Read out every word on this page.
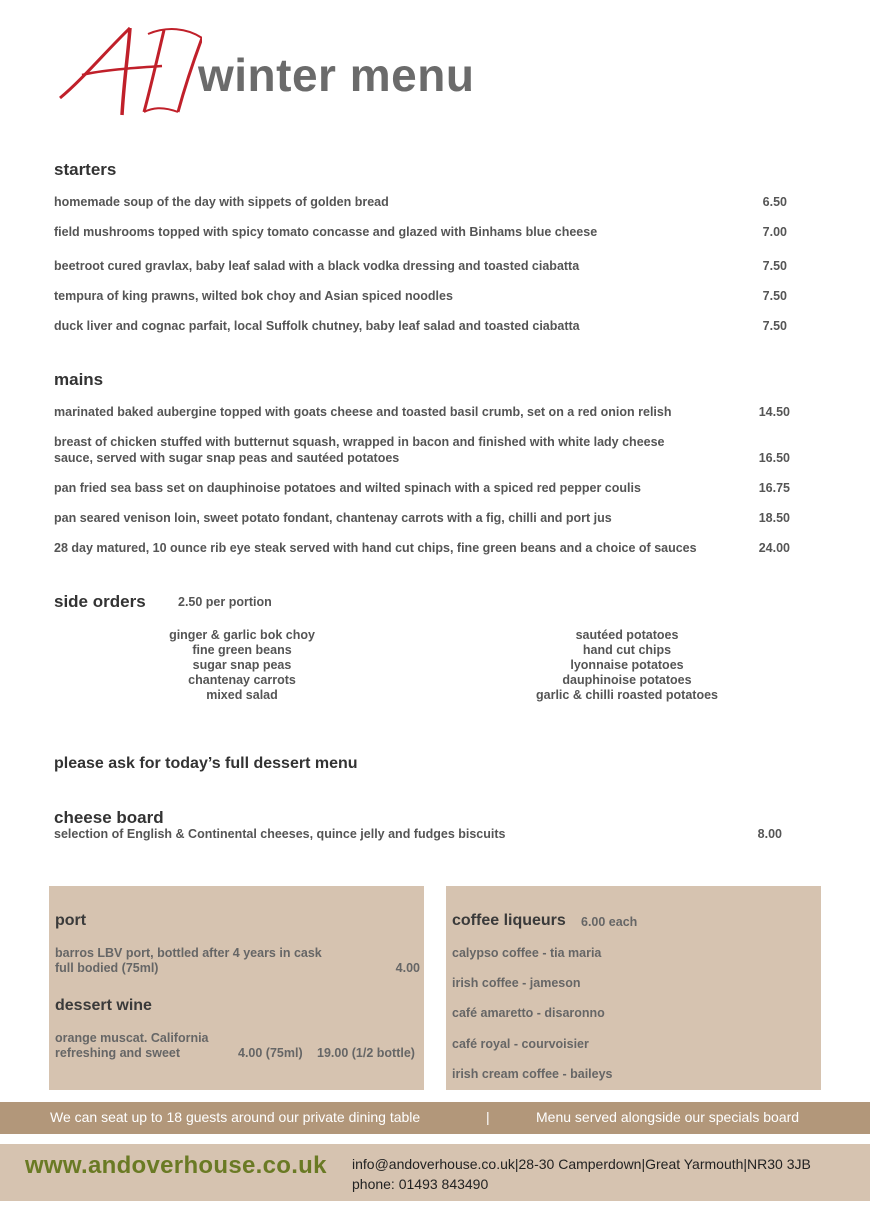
winter menu
starters
homemade soup of the day with sippets of golden bread	6.50
field mushrooms topped with spicy tomato concasse and glazed with Binhams blue cheese	7.00
beetroot cured gravlax, baby leaf salad with a black vodka dressing and toasted ciabatta	7.50
tempura of king prawns, wilted bok choy and Asian spiced noodles	7.50
duck liver and cognac parfait, local Suffolk chutney, baby leaf salad and toasted ciabatta	7.50
mains
marinated baked aubergine topped with goats cheese and toasted basil crumb, set on a red onion relish	14.50
breast of chicken stuffed with butternut squash, wrapped in bacon and finished with white lady cheese
sauce, served with sugar snap peas and sautéed potatoes	16.50
pan fried sea bass set on dauphinoise potatoes and wilted spinach with a spiced red pepper coulis	16.75
pan seared venison loin, sweet potato fondant, chantenay carrots with a fig, chilli and port jus	18.50
28 day matured, 10 ounce rib eye steak served with hand cut chips, fine green beans and a choice of sauces	24.00
side orders	2.50 per portion
ginger & garlic bok choy
fine green beans
sugar snap peas
chantenay carrots
mixed salad
sautéed potatoes
hand cut chips
lyonnaise potatoes
dauphinoise potatoes
garlic & chilli roasted potatoes
please ask for today’s full dessert menu
cheese board
selection of English & Continental cheeses, quince jelly and fudges biscuits	8.00
port
barros LBV port, bottled after 4 years in cask
full bodied (75ml)	4.00
dessert wine
orange muscat. California
refreshing and sweet	4.00 (75ml) 19.00 (1/2 bottle)
coffee liqueurs 6.00 each
calypso coffee - tia maria
irish coffee - jameson
café amaretto - disaronno
café royal - courvoisier
irish cream coffee - baileys
We can seat up to 18 guests around our private dining table	|	Menu served alongside our specials board
www.andoverhouse.co.uk info@andoverhouse.co.uk|28-30 Camperdown|Great Yarmouth|NR30 3JB
phone: 01493 843490
